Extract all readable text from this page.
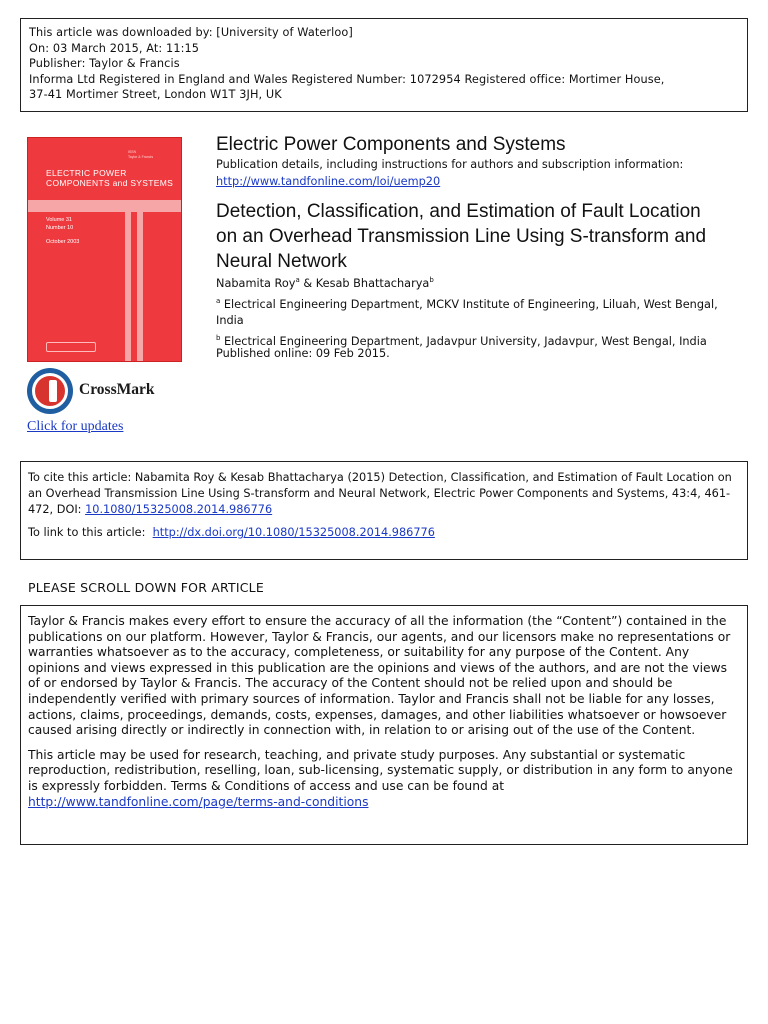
This article was downloaded by: [University of Waterloo]
On: 03 March 2015, At: 11:15
Publisher: Taylor & Francis
Informa Ltd Registered in England and Wales Registered Number: 1072954 Registered office: Mortimer House,
37-41 Mortimer Street, London W1T 3JH, UK
ISSN
Taylor & Francis
ELECTRIC POWER
COMPONENTS and SYSTEMS
Volume 31
Number 10
October 2003
CrossMark
Click for updates
Electric Power Components and Systems
Publication details, including instructions for authors and subscription information:
http://www.tandfonline.com/loi/uemp20
Detection, Classification, and Estimation of Fault Location on an Overhead Transmission Line Using S-transform and Neural Network
Nabamita Roy$^a$ & Kesab Bhattacharya$^b$
$^a$ Electrical Engineering Department, MCKV Institute of Engineering, Liluah, West Bengal, India
$^b$ Electrical Engineering Department, Jadavpur University, Jadavpur, West Bengal, India
Published online: 09 Feb 2015.
To cite this article: Nabamita Roy & Kesab Bhattacharya (2015) Detection, Classification, and Estimation of Fault Location on an Overhead Transmission Line Using S-transform and Neural Network, Electric Power Components and Systems, 43:4, 461-472, DOI: 10.1080/15325008.2014.986776
To link to this article:  http://dx.doi.org/10.1080/15325008.2014.986776
PLEASE SCROLL DOWN FOR ARTICLE

Taylor & Francis makes every effort to ensure the accuracy of all the information (the “Content”) contained in the publications on our platform. However, Taylor & Francis, our agents, and our licensors make no representations or warranties whatsoever as to the accuracy, completeness, or suitability for any purpose of the Content. Any opinions and views expressed in this publication are the opinions and views of the authors, and are not the views of or endorsed by Taylor & Francis. The accuracy of the Content should not be relied upon and should be independently verified with primary sources of information. Taylor and Francis shall not be liable for any losses, actions, claims, proceedings, demands, costs, expenses, damages, and other liabilities whatsoever or howsoever caused arising directly or indirectly in connection with, in relation to or arising out of the use of the Content.

This article may be used for research, teaching, and private study purposes. Any substantial or systematic reproduction, redistribution, reselling, loan, sub-licensing, systematic supply, or distribution in any form to anyone is expressly forbidden. Terms & Conditions of access and use can be found at http://www.tandfonline.com/page/terms-and-conditions
